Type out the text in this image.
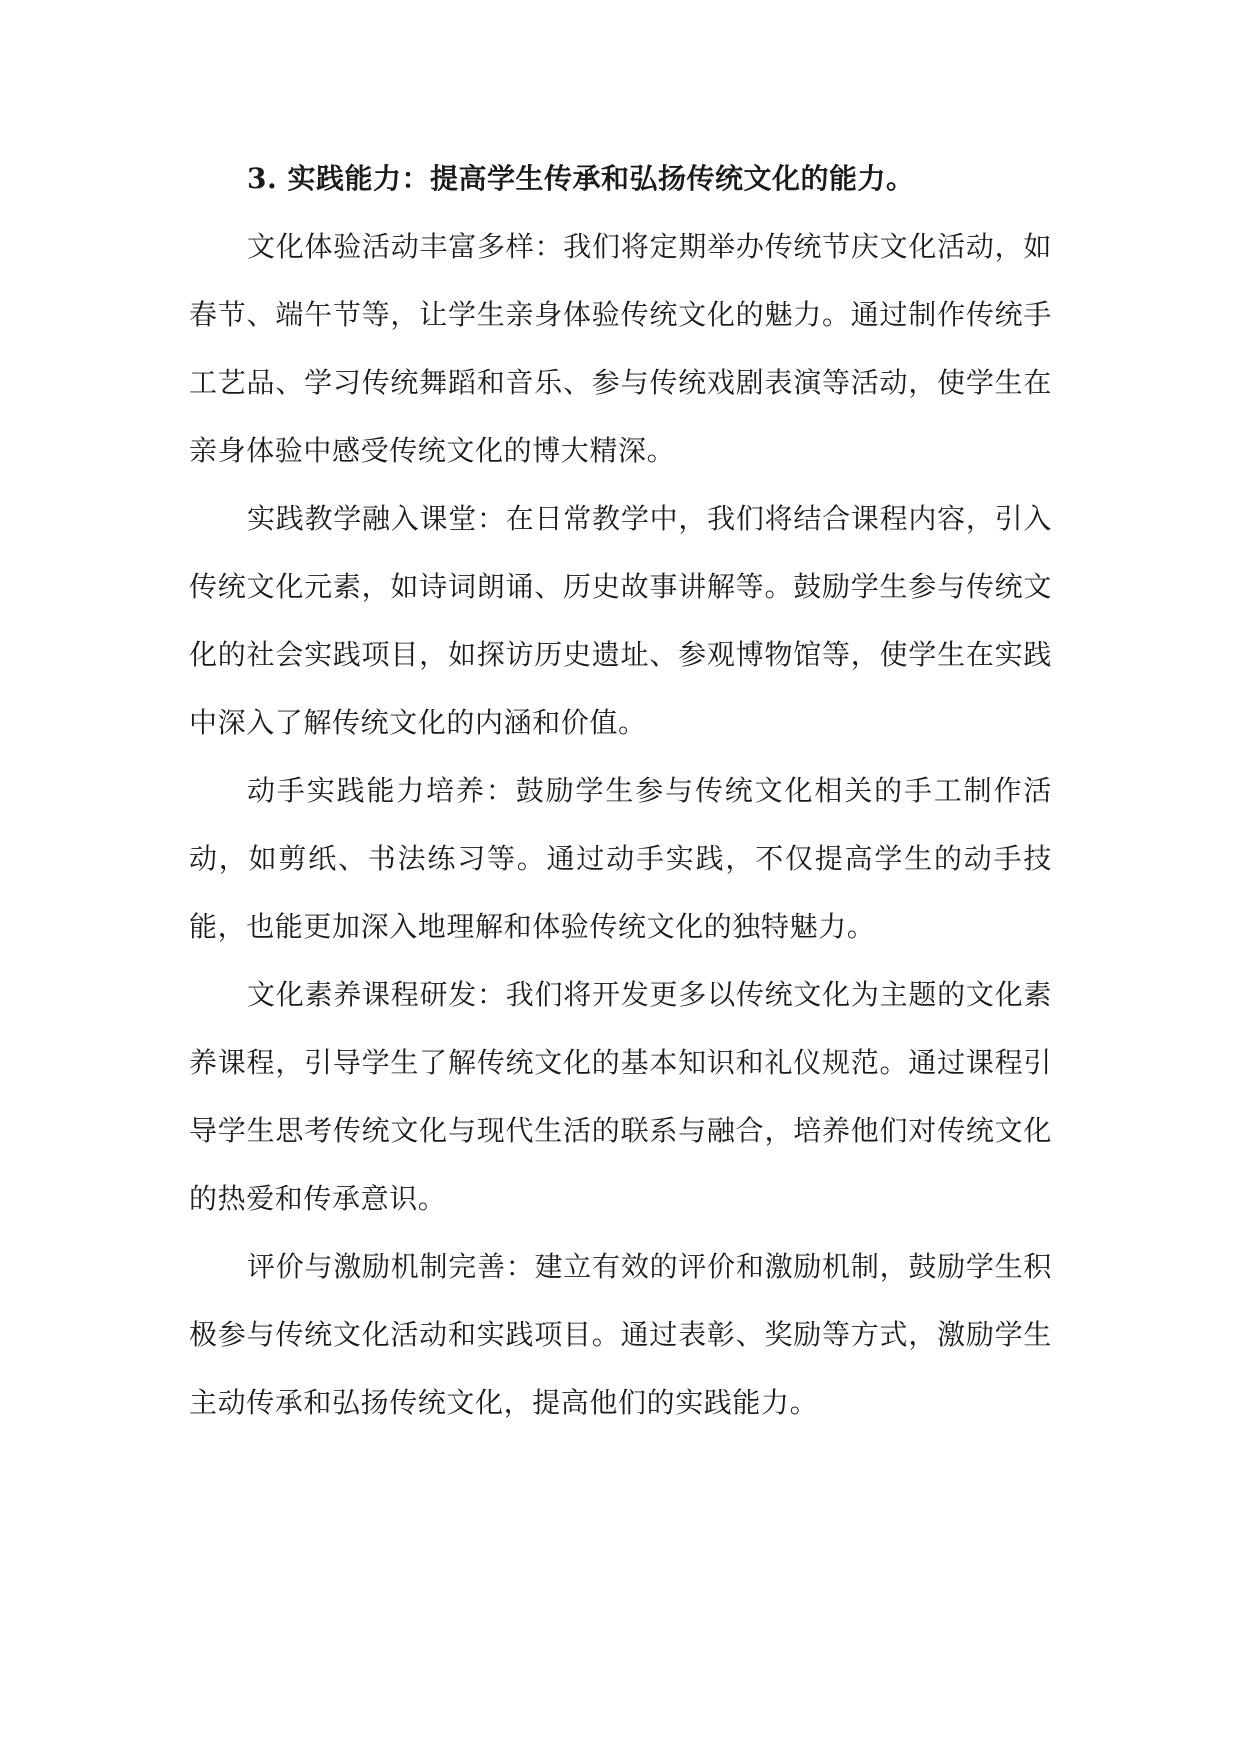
3. 实践能力：提高学生传承和弘扬传统文化的能力。

文化体验活动丰富多样：我们将定期举办传统节庆文化活动，如春节、端午节等，让学生亲身体验传统文化的魅力。通过制作传统手工艺品、学习传统舞蹈和音乐、参与传统戏剧表演等活动，使学生在亲身体验中感受传统文化的博大精深。

实践教学融入课堂：在日常教学中，我们将结合课程内容，引入传统文化元素，如诗词朗诵、历史故事讲解等。鼓励学生参与传统文化的社会实践项目，如探访历史遗址、参观博物馆等，使学生在实践中深入了解传统文化的内涵和价值。

动手实践能力培养：鼓励学生参与传统文化相关的手工制作活动，如剪纸、书法练习等。通过动手实践，不仅提高学生的动手技能，也能更加深入地理解和体验传统文化的独特魅力。

文化素养课程研发：我们将开发更多以传统文化为主题的文化素养课程，引导学生了解传统文化的基本知识和礼仪规范。通过课程引导学生思考传统文化与现代生活的联系与融合，培养他们对传统文化的热爱和传承意识。

评价与激励机制完善：建立有效的评价和激励机制，鼓励学生积极参与传统文化活动和实践项目。通过表彰、奖励等方式，激励学生主动传承和弘扬传统文化，提高他们的实践能力。
